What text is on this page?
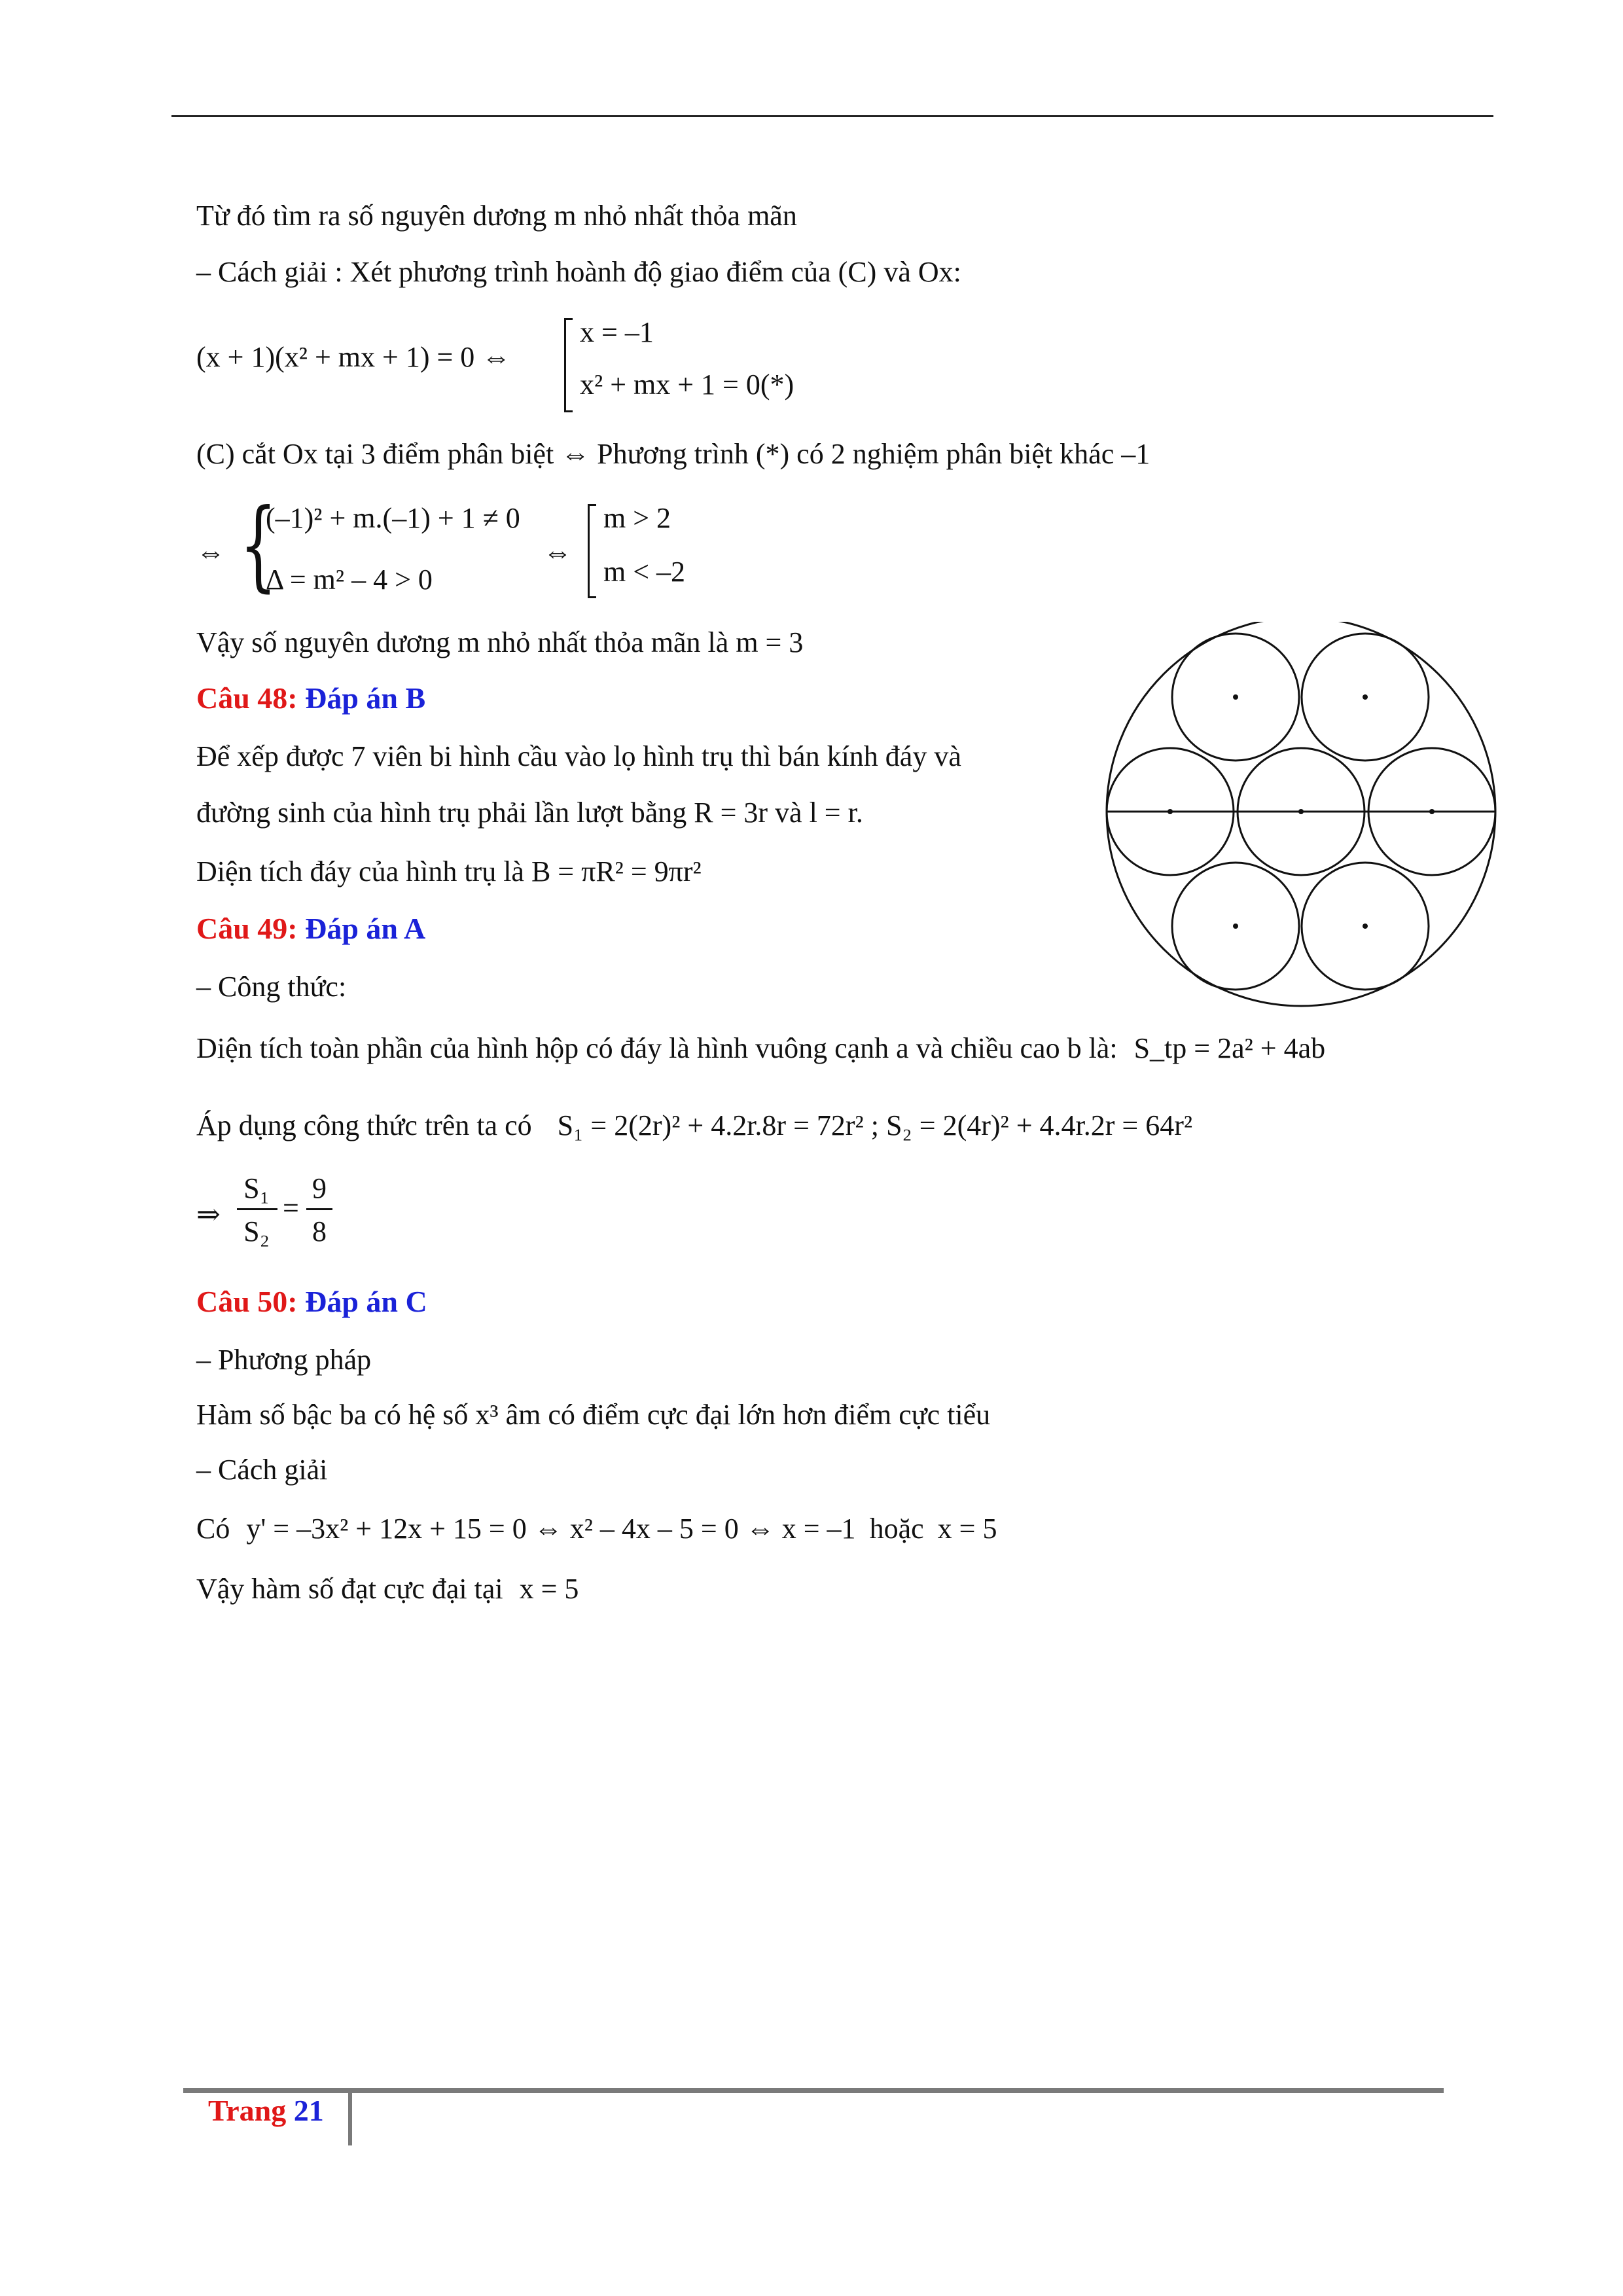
Từ đó tìm ra số nguyên dương m nhỏ nhất thỏa mãn
– Cách giải : Xét phương trình hoành độ giao điểm của (C) và Ox:
(x + 1)(x² + mx + 1) = 0 ⇔
x = –1
x² + mx + 1 = 0(*)
(C) cắt Ox tại 3 điểm phân biệt ⇔ Phương trình (*) có 2 nghiệm phân biệt khác –1
⇔ {
(–1)² + m.(–1) + 1 ≠ 0
Δ = m² – 4 > 0
⇔
m > 2
m < –2
Vậy số nguyên dương m nhỏ nhất thỏa mãn là m = 3
Câu 48: Đáp án B
Để xếp được 7 viên bi hình cầu vào lọ hình trụ thì bán kính đáy và
đường sinh của hình trụ phải lần lượt bằng R = 3r và l = r.
Diện tích đáy của hình trụ là B = πR² = 9πr²
Câu 49: Đáp án A
– Công thức:
Diện tích toàn phần của hình hộp có đáy là hình vuông cạnh a và chiều cao b là: S_tp = 2a² + 4ab
Áp dụng công thức trên ta có S₁ = 2(2r)² + 4.2r.8r = 72r² ; S₂ = 2(4r)² + 4.4r.2r = 64r²
⇒
S₁
S₂
=
9
8
Câu 50: Đáp án C
– Phương pháp
Hàm số bậc ba có hệ số x³ âm có điểm cực đại lớn hơn điểm cực tiểu
– Cách giải
Có y' = –3x² + 12x + 15 = 0 ⇔ x² – 4x – 5 = 0 ⇔ x = –1 hoặc x = 5
Vậy hàm số đạt cực đại tại x = 5
Trang 21
